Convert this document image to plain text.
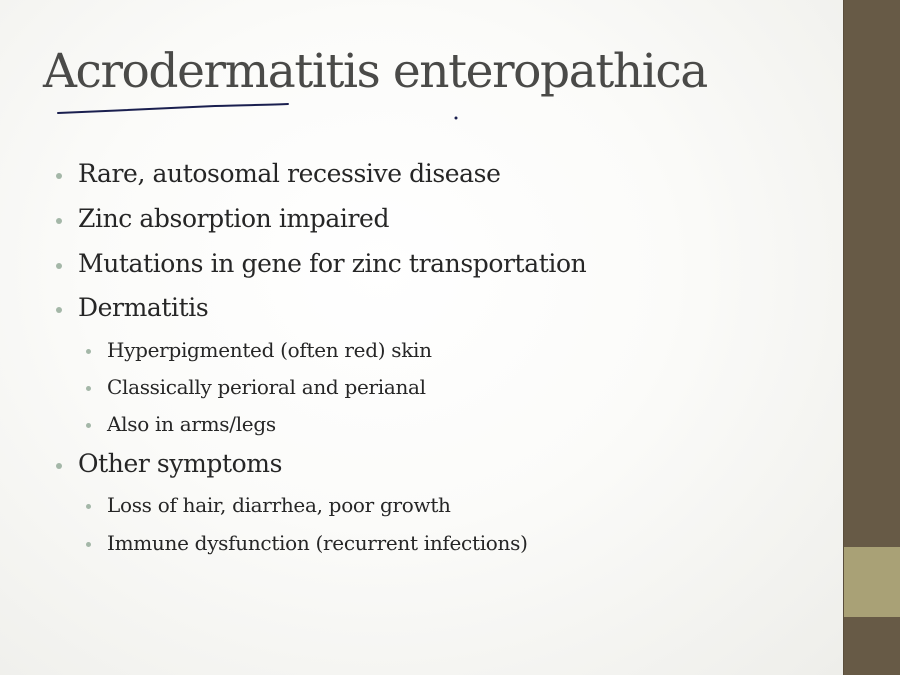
Acrodermatitis enteropathica
Rare, autosomal recessive disease
Zinc absorption impaired
Mutations in gene for zinc transportation
Dermatitis
Hyperpigmented (often red) skin
Classically perioral and perianal
Also in arms/legs
Other symptoms
Loss of hair, diarrhea, poor growth
Immune dysfunction (recurrent infections)
